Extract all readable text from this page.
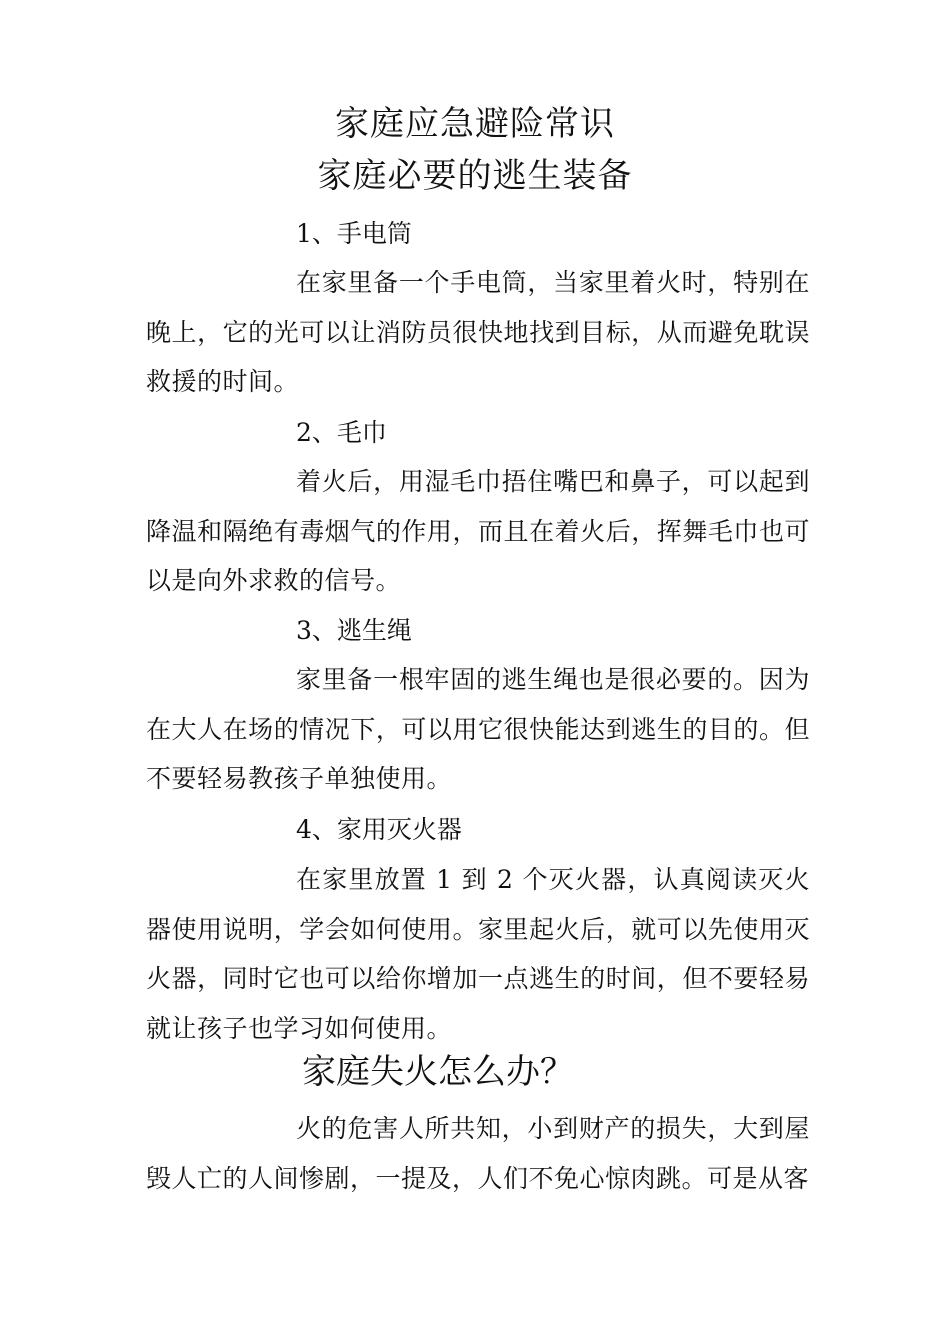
家庭应急避险常识
家庭必要的逃生装备
1、手电筒

在家里备一个手电筒，当家里着火时，特别在晚上，它的光可以让消防员很快地找到目标，从而避免耽误救援的时间。

2、毛巾

着火后，用湿毛巾捂住嘴巴和鼻子，可以起到降温和隔绝有毒烟气的作用，而且在着火后，挥舞毛巾也可以是向外求救的信号。

3、逃生绳

家里备一根牢固的逃生绳也是很必要的。因为在大人在场的情况下，可以用它很快能达到逃生的目的。但不要轻易教孩子单独使用。

4、家用灭火器

在家里放置 1 到 2 个灭火器，认真阅读灭火器使用说明，学会如何使用。家里起火后，就可以先使用灭火器，同时它也可以给你增加一点逃生的时间，但不要轻易就让孩子也学习如何使用。

家庭失火怎么办？

火的危害人所共知，小到财产的损失，大到屋毁人亡的人间惨剧，一提及，人们不免心惊肉跳。可是从客
